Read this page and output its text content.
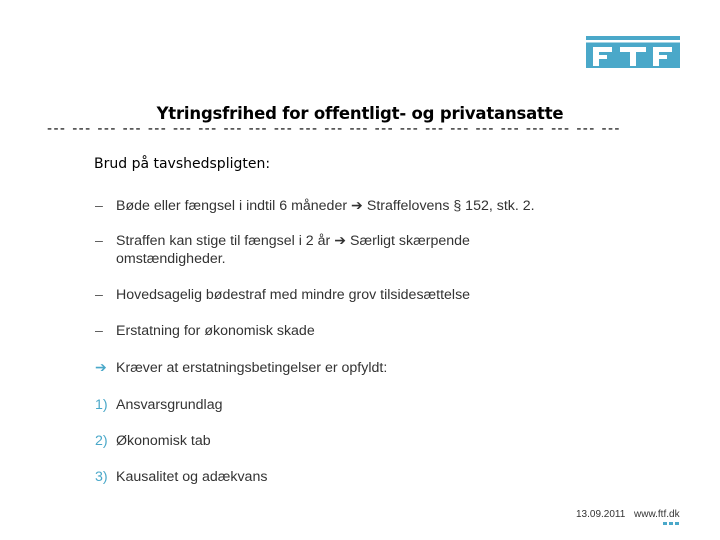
Ytringsfrihed for offentligt- og privatansatte
--- --- --- --- --- --- --- --- --- --- --- --- --- --- --- --- --- --- --- --- --- --- ---
Brud på tavshedspligten:
– Bøde eller fængsel i indtil 6 måneder ➔ Straffelovens § 152, stk. 2.
– Straffen kan stige til fængsel i 2 år ➔ Særligt skærpende
omstændigheder.
– Hovedsagelig bødestraf med mindre grov tilsidesættelse
– Erstatning for økonomisk skade
➔ Kræver at erstatningsbetingelser er opfyldt:
1) Ansvarsgrundlag
2) Økonomisk tab
3) Kausalitet og adækvans
13.09.2011 www.ftf.dk
